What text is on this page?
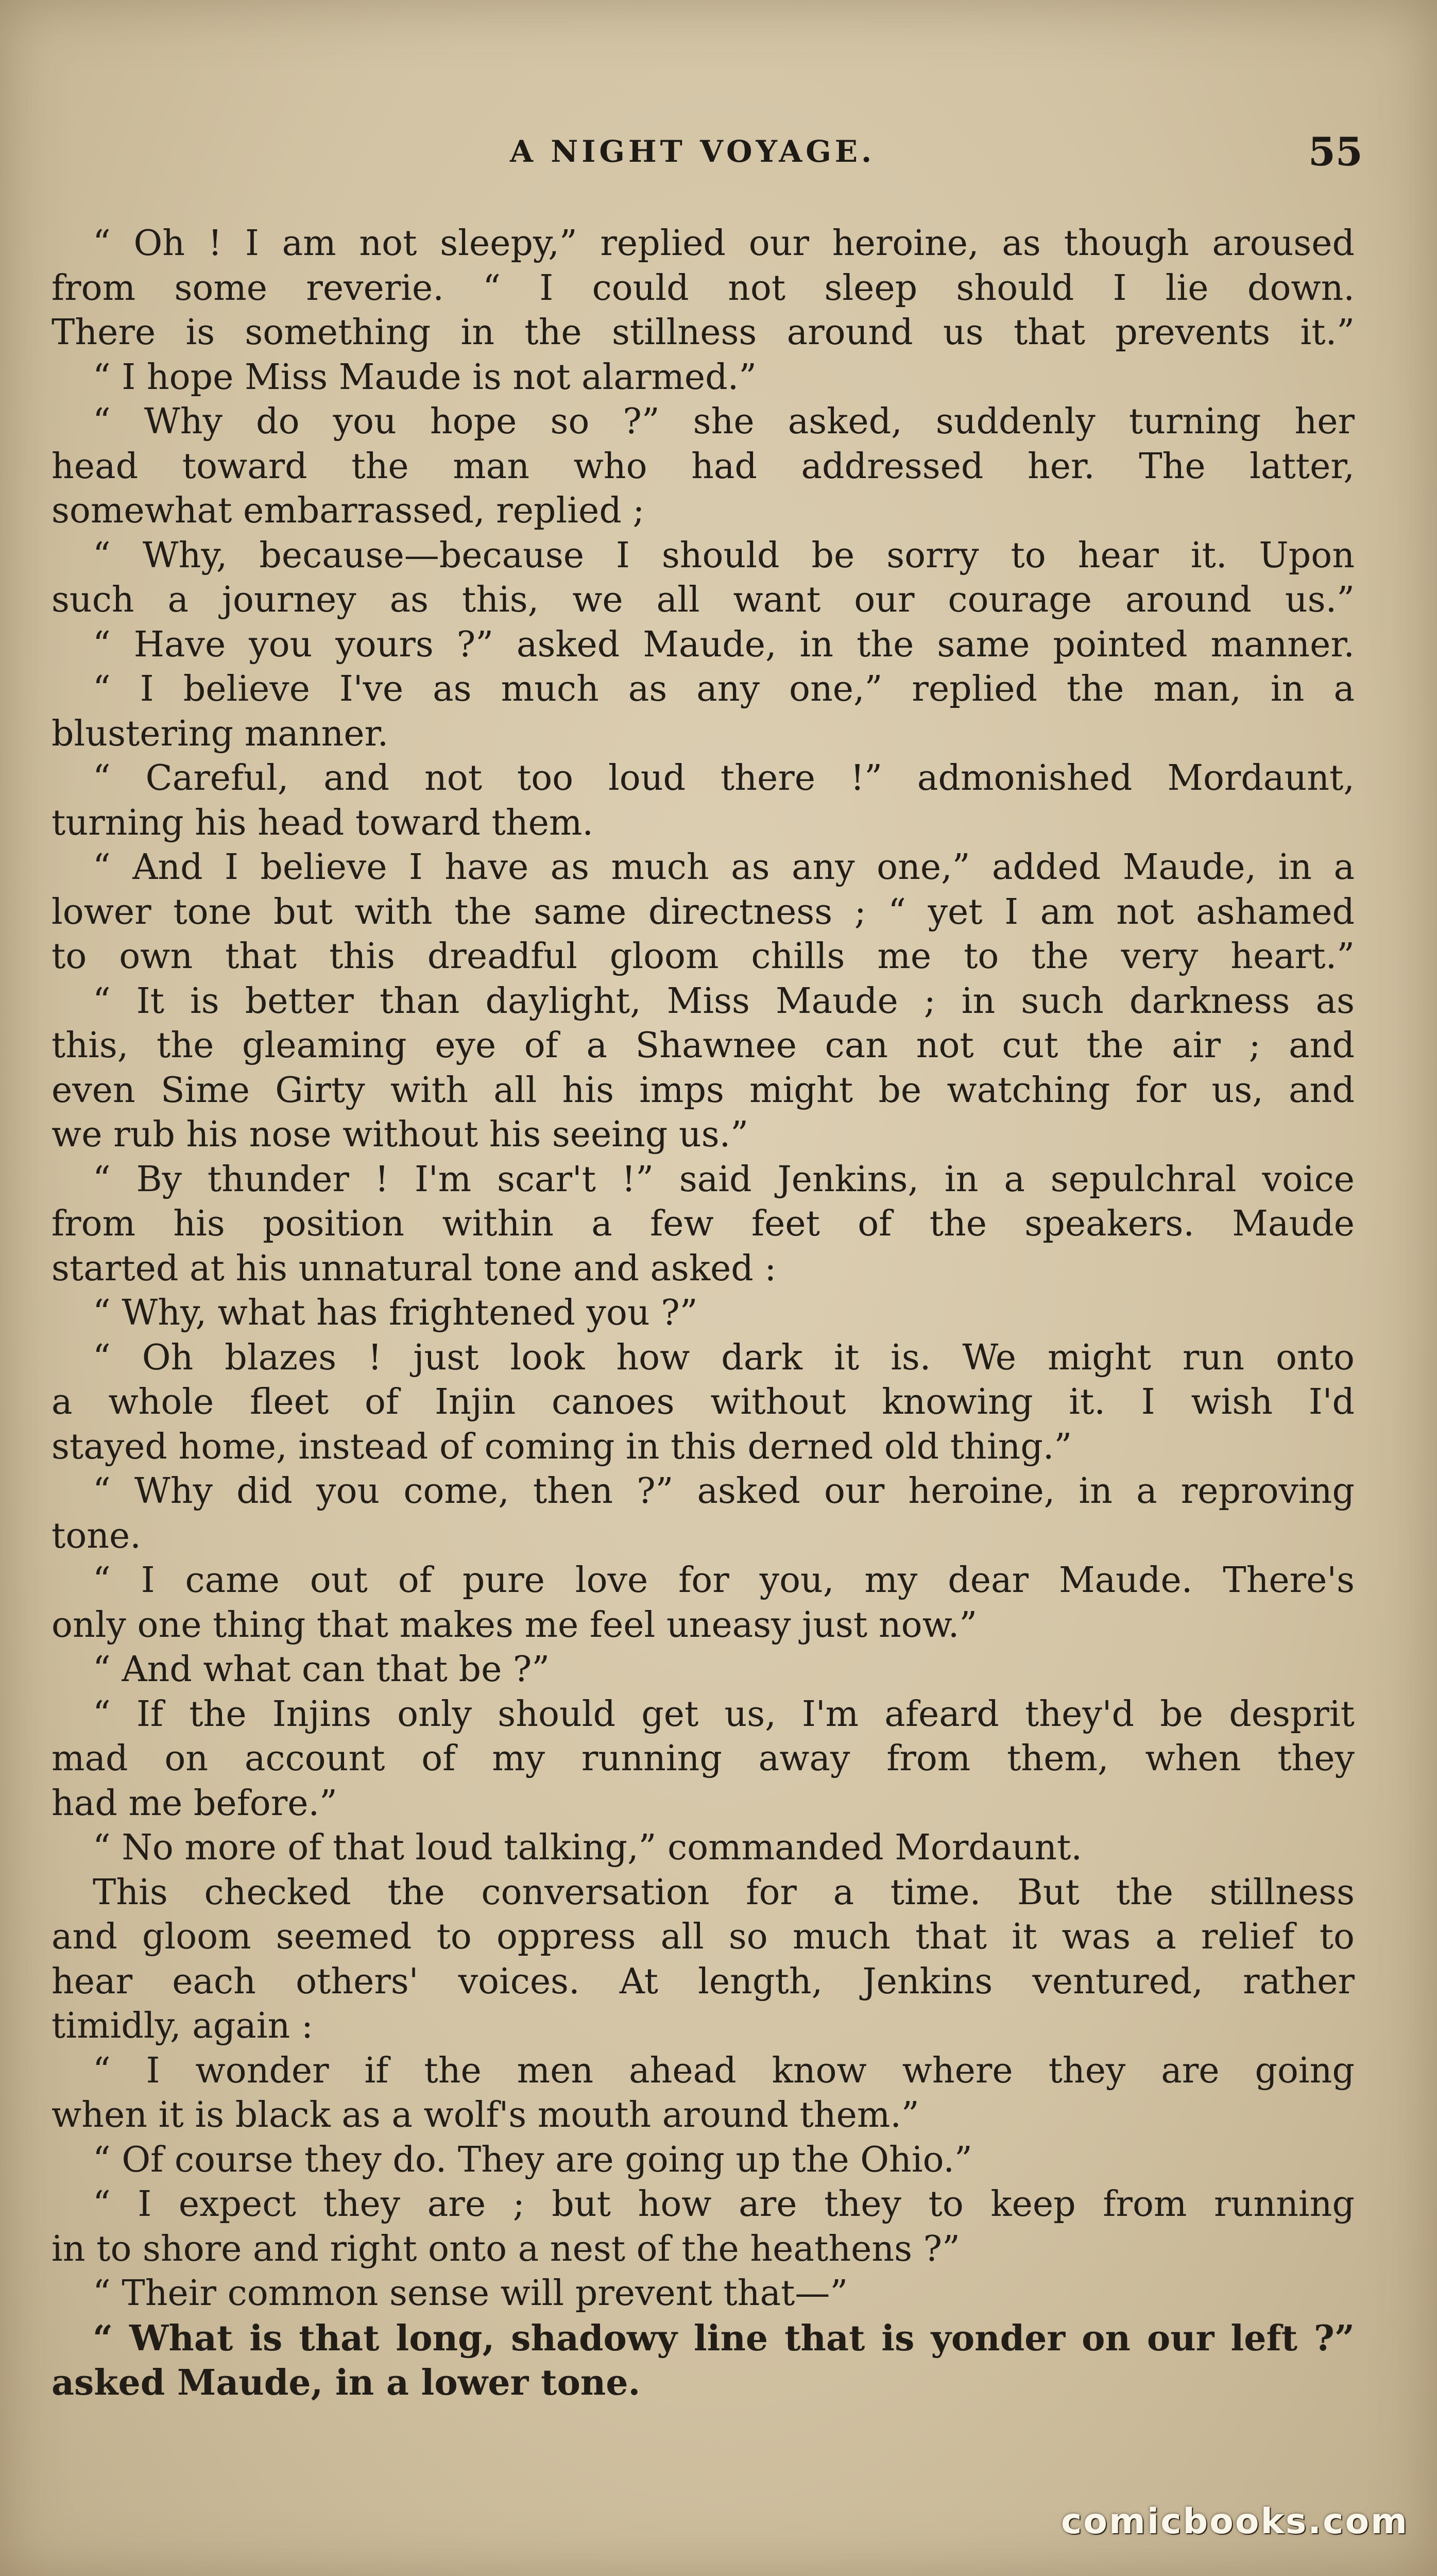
A NIGHT VOYAGE.	55
“ Oh ! I am not sleepy,” replied our heroine, as though aroused
from some reverie. “ I could not sleep should I lie down.
There is something in the stillness around us that prevents it.”
“ I hope Miss Maude is not alarmed.”
“ Why do you hope so ?” she asked, suddenly turning her
head toward the man who had addressed her. The latter,
somewhat embarrassed, replied ;
“ Why, because—because I should be sorry to hear it. Upon
such a journey as this, we all want our courage around us.”
“ Have you yours ?” asked Maude, in the same pointed manner.
“ I believe I've as much as any one,” replied the man, in a
blustering manner.
“ Careful, and not too loud there !” admonished Mordaunt,
turning his head toward them.
“ And I believe I have as much as any one,” added Maude, in a
lower tone but with the same directness ; “ yet I am not ashamed
to own that this dreadful gloom chills me to the very heart.”
“ It is better than daylight, Miss Maude ; in such darkness as
this, the gleaming eye of a Shawnee can not cut the air ; and
even Sime Girty with all his imps might be watching for us, and
we rub his nose without his seeing us.”
“ By thunder ! I'm scar't !” said Jenkins, in a sepulchral voice
from his position within a few feet of the speakers. Maude
started at his unnatural tone and asked :
“ Why, what has frightened you ?”
“ Oh blazes ! just look how dark it is. We might run onto
a whole fleet of Injin canoes without knowing it. I wish I'd
stayed home, instead of coming in this derned old thing.”
“ Why did you come, then ?” asked our heroine, in a reproving
tone.
“ I came out of pure love for you, my dear Maude. There's
only one thing that makes me feel uneasy just now.”
“ And what can that be ?”
“ If the Injins only should get us, I'm afeard they'd be desprit
mad on account of my running away from them, when they
had me before.”
“ No more of that loud talking,” commanded Mordaunt.
This checked the conversation for a time. But the stillness
and gloom seemed to oppress all so much that it was a relief to
hear each others' voices. At length, Jenkins ventured, rather
timidly, again :
“ I wonder if the men ahead know where they are going
when it is black as a wolf's mouth around them.”
“ Of course they do. They are going up the Ohio.”
“ I expect they are ; but how are they to keep from running
in to shore and right onto a nest of the heathens ?”
“ Their common sense will prevent that—”
“ What is that long, shadowy line that is yonder on our left ?”
asked Maude, in a lower tone.
comicbooks.com
